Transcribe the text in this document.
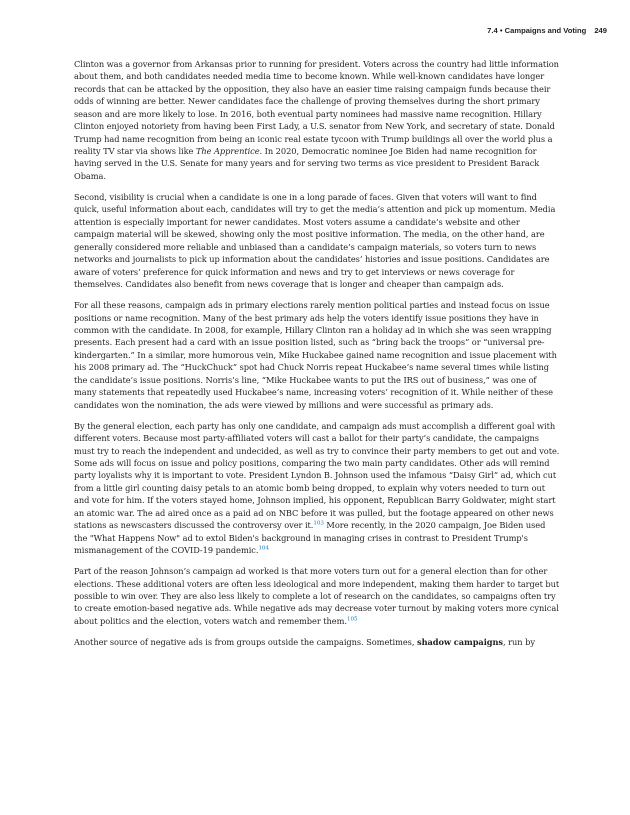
7.4 • Campaigns and Voting 249

Clinton was a governor from Arkansas prior to running for president. Voters across the country had little information about them, and both candidates needed media time to become known. While well-known candidates have longer records that can be attacked by the opposition, they also have an easier time raising campaign funds because their odds of winning are better. Newer candidates face the challenge of proving themselves during the short primary season and are more likely to lose. In 2016, both eventual party nominees had massive name recognition. Hillary Clinton enjoyed notoriety from having been First Lady, a U.S. senator from New York, and secretary of state. Donald Trump had name recognition from being an iconic real estate tycoon with Trump buildings all over the world plus a reality TV star via shows like The Apprentice. In 2020, Democratic nominee Joe Biden had name recognition for having served in the U.S. Senate for many years and for serving two terms as vice president to President Barack Obama.

Second, visibility is crucial when a candidate is one in a long parade of faces. Given that voters will want to find quick, useful information about each, candidates will try to get the media’s attention and pick up momentum. Media attention is especially important for newer candidates. Most voters assume a candidate’s website and other campaign material will be skewed, showing only the most positive information. The media, on the other hand, are generally considered more reliable and unbiased than a candidate’s campaign materials, so voters turn to news networks and journalists to pick up information about the candidates’ histories and issue positions. Candidates are aware of voters’ preference for quick information and news and try to get interviews or news coverage for themselves. Candidates also benefit from news coverage that is longer and cheaper than campaign ads.

For all these reasons, campaign ads in primary elections rarely mention political parties and instead focus on issue positions or name recognition. Many of the best primary ads help the voters identify issue positions they have in common with the candidate. In 2008, for example, Hillary Clinton ran a holiday ad in which she was seen wrapping presents. Each present had a card with an issue position listed, such as “bring back the troops” or “universal pre-kindergarten.” In a similar, more humorous vein, Mike Huckabee gained name recognition and issue placement with his 2008 primary ad. The “HuckChuck” spot had Chuck Norris repeat Huckabee’s name several times while listing the candidate’s issue positions. Norris’s line, “Mike Huckabee wants to put the IRS out of business,” was one of many statements that repeatedly used Huckabee’s name, increasing voters’ recognition of it. While neither of these candidates won the nomination, the ads were viewed by millions and were successful as primary ads.

By the general election, each party has only one candidate, and campaign ads must accomplish a different goal with different voters. Because most party-affiliated voters will cast a ballot for their party’s candidate, the campaigns must try to reach the independent and undecided, as well as try to convince their party members to get out and vote. Some ads will focus on issue and policy positions, comparing the two main party candidates. Other ads will remind party loyalists why it is important to vote. President Lyndon B. Johnson used the infamous “Daisy Girl” ad, which cut from a little girl counting daisy petals to an atomic bomb being dropped, to explain why voters needed to turn out and vote for him. If the voters stayed home, Johnson implied, his opponent, Republican Barry Goldwater, might start an atomic war. The ad aired once as a paid ad on NBC before it was pulled, but the footage appeared on other news stations as newscasters discussed the controversy over it.$^{103}$ More recently, in the 2020 campaign, Joe Biden used the "What Happens Now" ad to extol Biden's background in managing crises in contrast to President Trump's mismanagement of the COVID-19 pandemic.$^{104}$

Part of the reason Johnson’s campaign ad worked is that more voters turn out for a general election than for other elections. These additional voters are often less ideological and more independent, making them harder to target but possible to win over. They are also less likely to complete a lot of research on the candidates, so campaigns often try to create emotion-based negative ads. While negative ads may decrease voter turnout by making voters more cynical about politics and the election, voters watch and remember them.$^{105}$

Another source of negative ads is from groups outside the campaigns. Sometimes, shadow campaigns, run by
